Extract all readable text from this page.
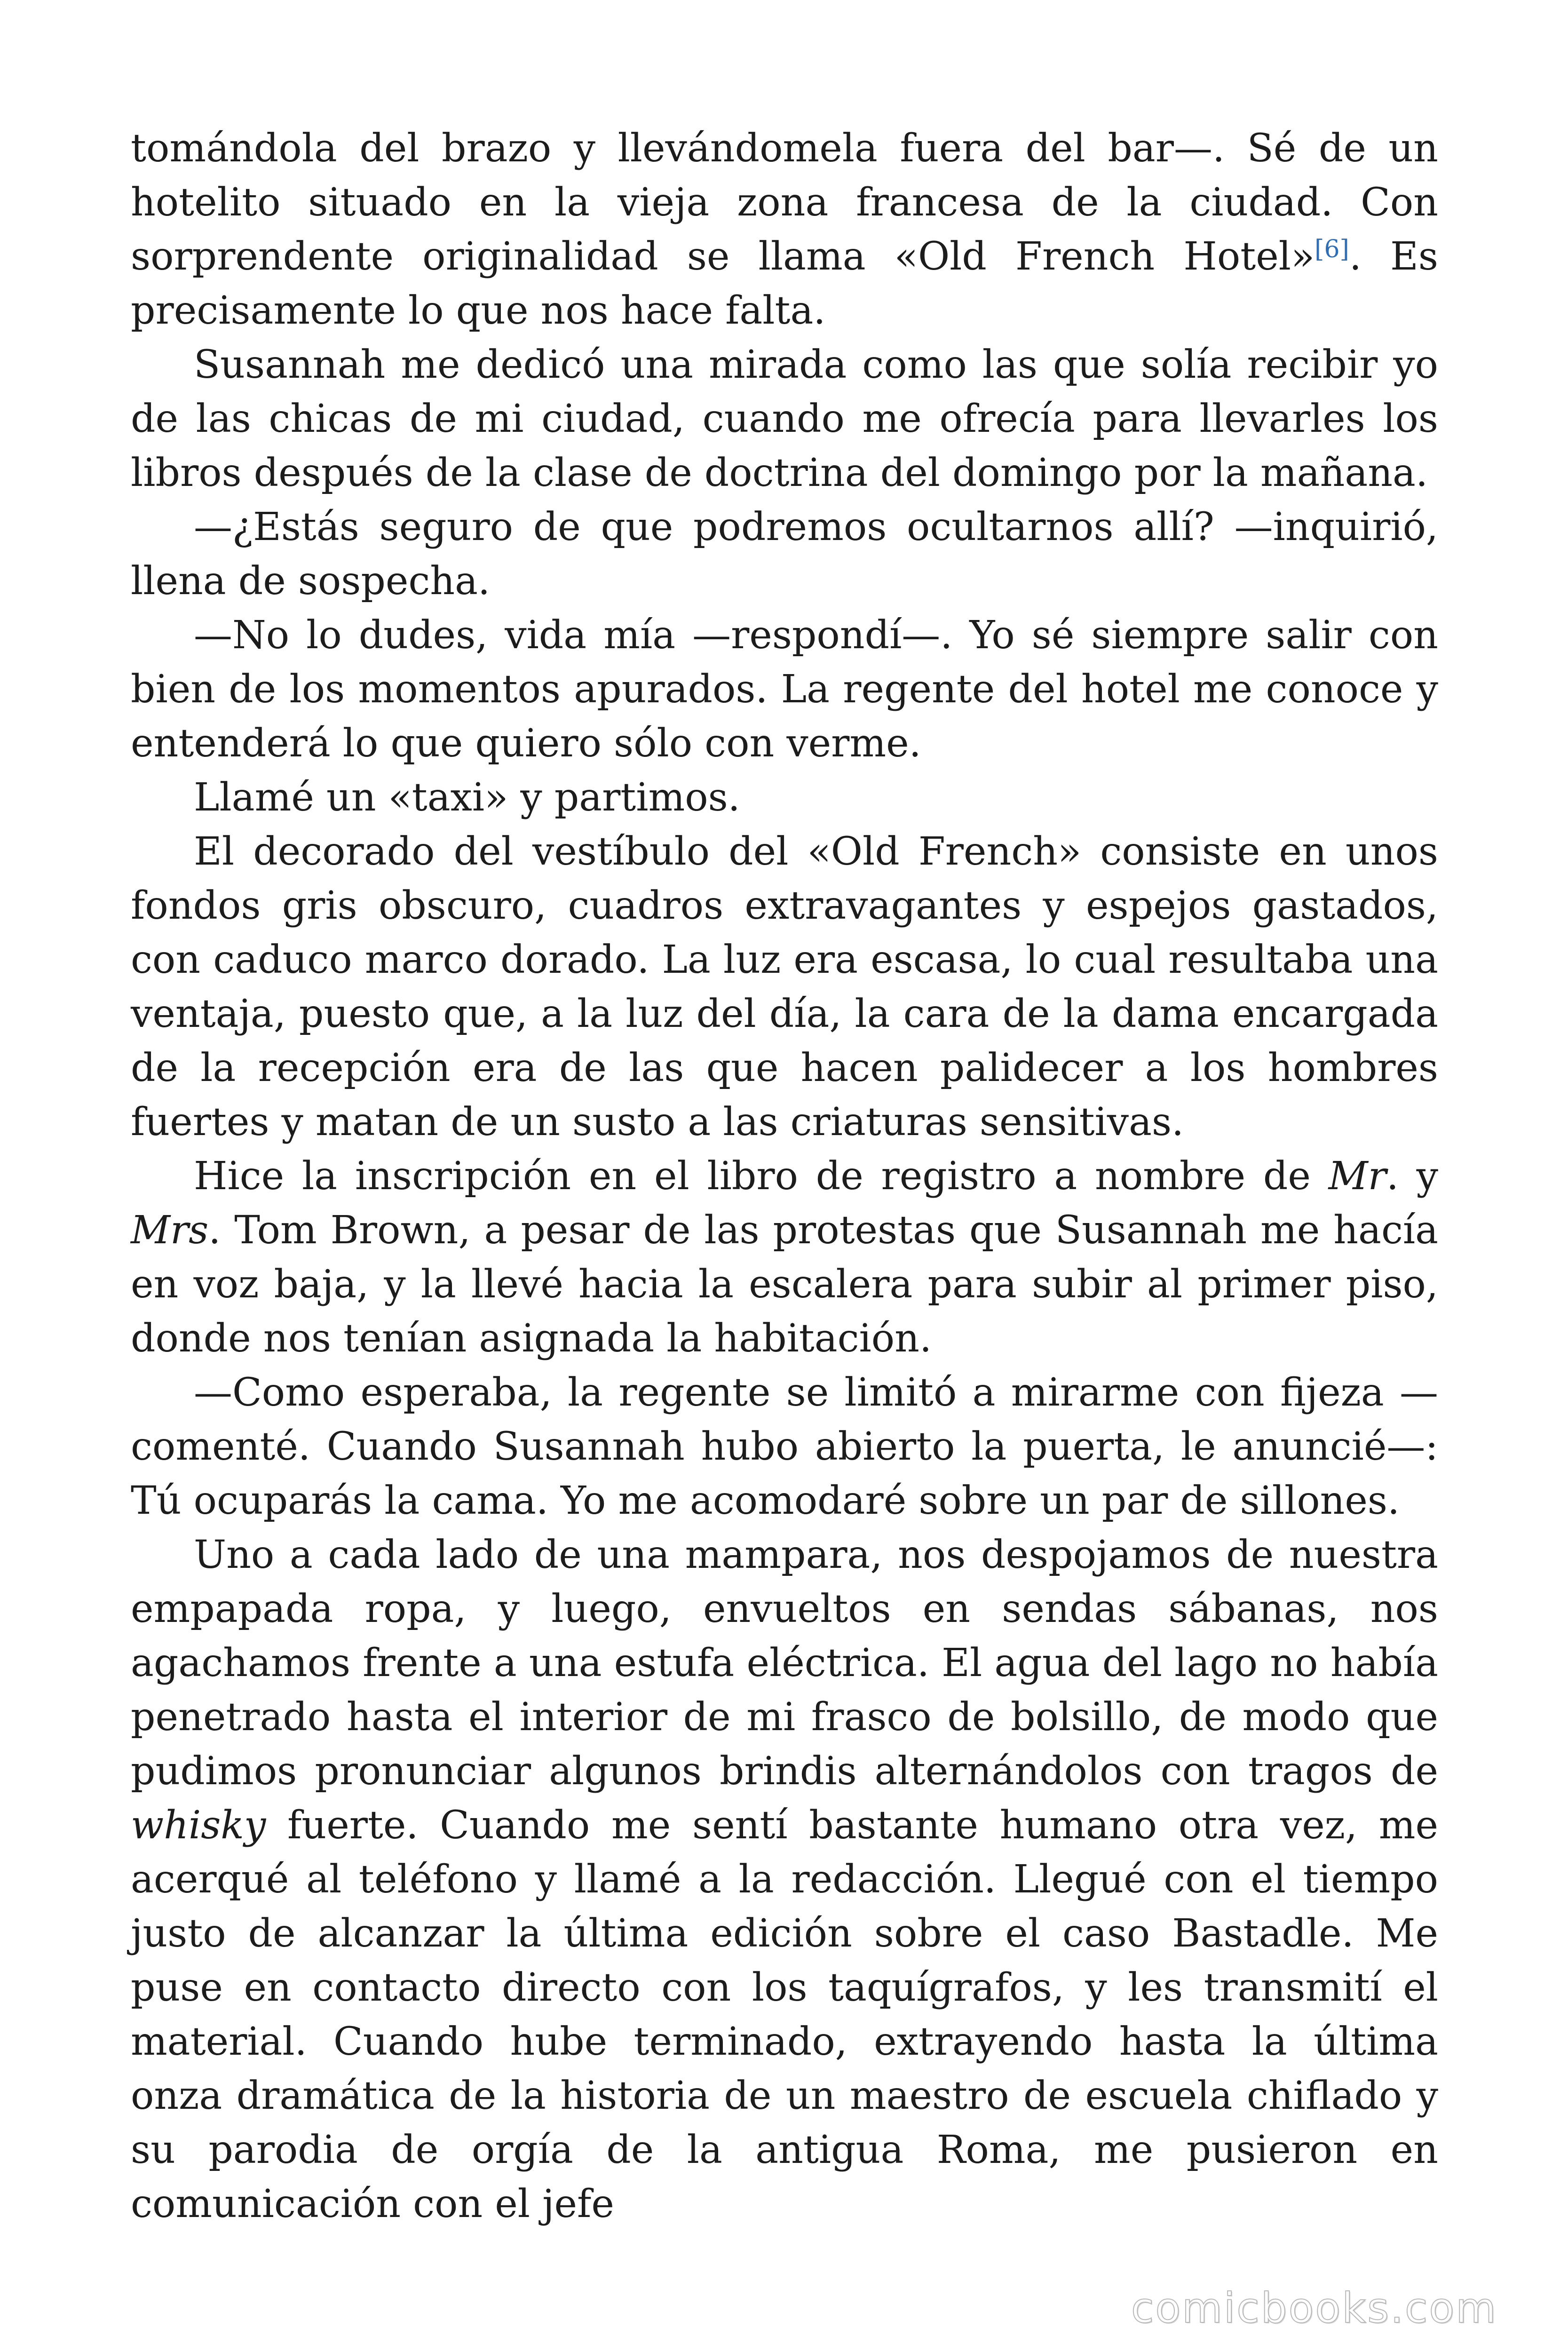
tomándola del brazo y llevándomela fuera del bar—. Sé de un hotelito situado en la vieja zona francesa de la ciudad. Con sorprendente originalidad se llama «Old French Hotel»[6]. Es precisamente lo que nos hace falta.

Susannah me dedicó una mirada como las que solía recibir yo de las chicas de mi ciudad, cuando me ofrecía para llevarles los libros después de la clase de doctrina del domingo por la mañana.

—¿Estás seguro de que podremos ocultarnos allí? —inquirió, llena de sospecha.

—No lo dudes, vida mía —respondí—. Yo sé siempre salir con bien de los momentos apurados. La regente del hotel me conoce y entenderá lo que quiero sólo con verme.

Llamé un «taxi» y partimos.

El decorado del vestíbulo del «Old French» consiste en unos fondos gris obscuro, cuadros extravagantes y espejos gastados, con caduco marco dorado. La luz era escasa, lo cual resultaba una ventaja, puesto que, a la luz del día, la cara de la dama encargada de la recepción era de las que hacen palidecer a los hombres fuertes y matan de un susto a las criaturas sensitivas.

Hice la inscripción en el libro de registro a nombre de Mr. y Mrs. Tom Brown, a pesar de las protestas que Susannah me hacía en voz baja, y la llevé hacia la escalera para subir al primer piso, donde nos tenían asignada la habitación.

—Como esperaba, la regente se limitó a mirarme con fijeza —comenté. Cuando Susannah hubo abierto la puerta, le anuncié—: Tú ocuparás la cama. Yo me acomodaré sobre un par de sillones.

Uno a cada lado de una mampara, nos despojamos de nuestra empapada ropa, y luego, envueltos en sendas sábanas, nos agachamos frente a una estufa eléctrica. El agua del lago no había penetrado hasta el interior de mi frasco de bolsillo, de modo que pudimos pronunciar algunos brindis alternándolos con tragos de whisky fuerte. Cuando me sentí bastante humano otra vez, me acerqué al teléfono y llamé a la redacción. Llegué con el tiempo justo de alcanzar la última edición sobre el caso Bastadle. Me puse en contacto directo con los taquígrafos, y les transmití el material. Cuando hube terminado, extrayendo hasta la última onza dramática de la historia de un maestro de escuela chiflado y su parodia de orgía de la antigua Roma, me pusieron en comunicación con el jefe

comicbooks.com
